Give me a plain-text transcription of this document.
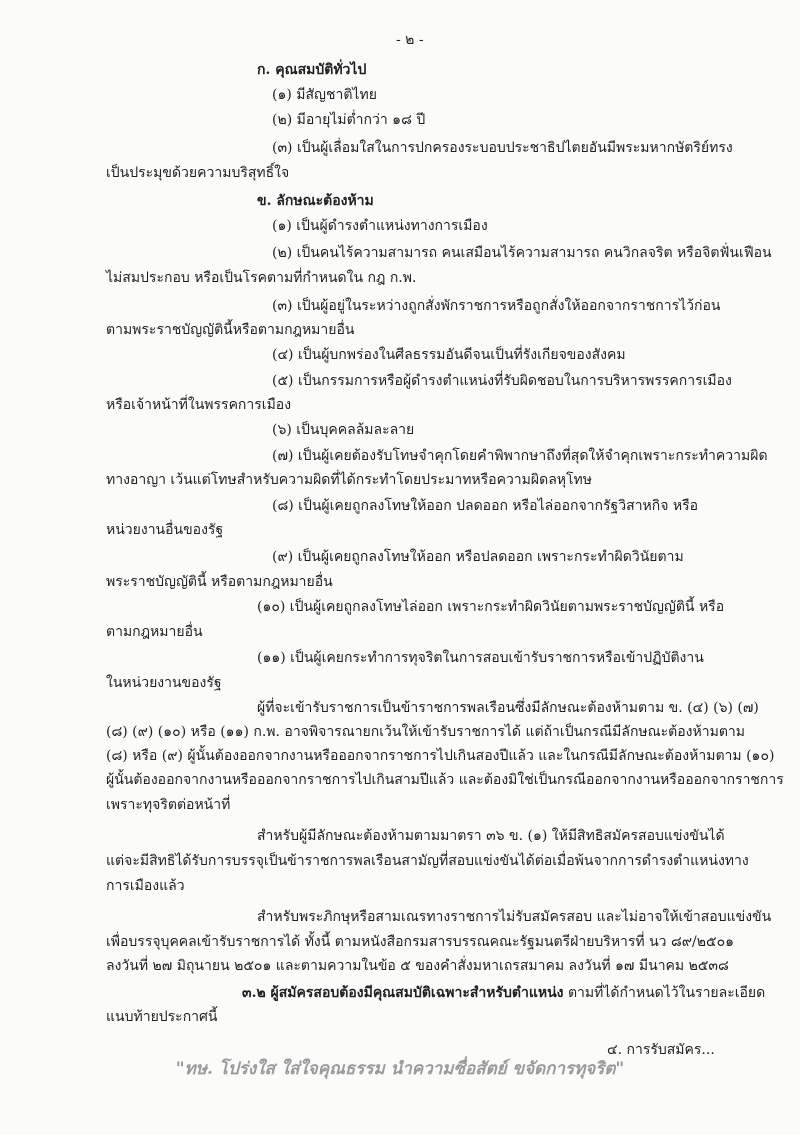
- ๒ -
ก. คุณสมบัติทั่วไป
(๑) มีสัญชาติไทย
(๒) มีอายุไม่ต่ำกว่า ๑๘ ปี
(๓) เป็นผู้เลื่อมใสในการปกครองระบอบประชาธิปไตยอันมีพระมหากษัตริย์ทรง
เป็นประมุขด้วยความบริสุทธิ์ใจ
ข. ลักษณะต้องห้าม
(๑) เป็นผู้ดำรงตำแหน่งทางการเมือง
(๒) เป็นคนไร้ความสามารถ คนเสมือนไร้ความสามารถ คนวิกลจริต หรือจิตฟั่นเฟือน
ไม่สมประกอบ หรือเป็นโรคตามที่กำหนดใน กฎ ก.พ.
(๓) เป็นผู้อยู่ในระหว่างถูกสั่งพักราชการหรือถูกสั่งให้ออกจากราชการไว้ก่อน
ตามพระราชบัญญัตินี้หรือตามกฎหมายอื่น
(๔) เป็นผู้บกพร่องในศีลธรรมอันดีจนเป็นที่รังเกียจของสังคม
(๕) เป็นกรรมการหรือผู้ดำรงตำแหน่งที่รับผิดชอบในการบริหารพรรคการเมือง
หรือเจ้าหน้าที่ในพรรคการเมือง
(๖) เป็นบุคคลล้มละลาย
(๗) เป็นผู้เคยต้องรับโทษจำคุกโดยคำพิพากษาถึงที่สุดให้จำคุกเพราะกระทำความผิด
ทางอาญา เว้นแต่โทษสำหรับความผิดที่ได้กระทำโดยประมาทหรือความผิดลหุโทษ
(๘) เป็นผู้เคยถูกลงโทษให้ออก ปลดออก หรือไล่ออกจากรัฐวิสาหกิจ หรือ
หน่วยงานอื่นของรัฐ
(๙) เป็นผู้เคยถูกลงโทษให้ออก หรือปลดออก เพราะกระทำผิดวินัยตาม
พระราชบัญญัตินี้ หรือตามกฎหมายอื่น
(๑๐) เป็นผู้เคยถูกลงโทษไล่ออก เพราะกระทำผิดวินัยตามพระราชบัญญัตินี้ หรือ
ตามกฎหมายอื่น
(๑๑) เป็นผู้เคยกระทำการทุจริตในการสอบเข้ารับราชการหรือเข้าปฏิบัติงาน
ในหน่วยงานของรัฐ
ผู้ที่จะเข้ารับราชการเป็นข้าราชการพลเรือนซึ่งมีลักษณะต้องห้ามตาม ข. (๔) (๖) (๗)
(๘) (๙) (๑๐) หรือ (๑๑) ก.พ. อาจพิจารณายกเว้นให้เข้ารับราชการได้ แต่ถ้าเป็นกรณีมีลักษณะต้องห้ามตาม
(๘) หรือ (๙) ผู้นั้นต้องออกจากงานหรือออกจากราชการไปเกินสองปีแล้ว และในกรณีมีลักษณะต้องห้ามตาม (๑๐)
ผู้นั้นต้องออกจากงานหรือออกจากราชการไปเกินสามปีแล้ว และต้องมิใช่เป็นกรณีออกจากงานหรือออกจากราชการ
เพราะทุจริตต่อหน้าที่
สำหรับผู้มีลักษณะต้องห้ามตามมาตรา ๓๖ ข. (๑) ให้มีสิทธิสมัครสอบแข่งขันได้
แต่จะมีสิทธิได้รับการบรรจุเป็นข้าราชการพลเรือนสามัญที่สอบแข่งขันได้ต่อเมื่อพ้นจากการดำรงตำแหน่งทาง
การเมืองแล้ว
สำหรับพระภิกษุหรือสามเณรทางราชการไม่รับสมัครสอบ และไม่อาจให้เข้าสอบแข่งขัน
เพื่อบรรจุบุคคลเข้ารับราชการได้ ทั้งนี้ ตามหนังสือกรมสารบรรณคณะรัฐมนตรีฝ่ายบริหารที่ นว ๘๙/๒๕๐๑
ลงวันที่ ๒๗ มิถุนายน ๒๕๐๑ และตามความในข้อ ๕ ของคำสั่งมหาเถรสมาคม ลงวันที่ ๑๗ มีนาคม ๒๕๓๘
๓.๒ ผู้สมัครสอบต้องมีคุณสมบัติเฉพาะสำหรับตำแหน่ง ตามที่ได้กำหนดไว้ในรายละเอียด
แนบท้ายประกาศนี้
๔. การรับสมัคร...
"ทษ. โปร่งใส ใส่ใจคุณธรรม นำความซื่อสัตย์ ขจัดการทุจริต"
